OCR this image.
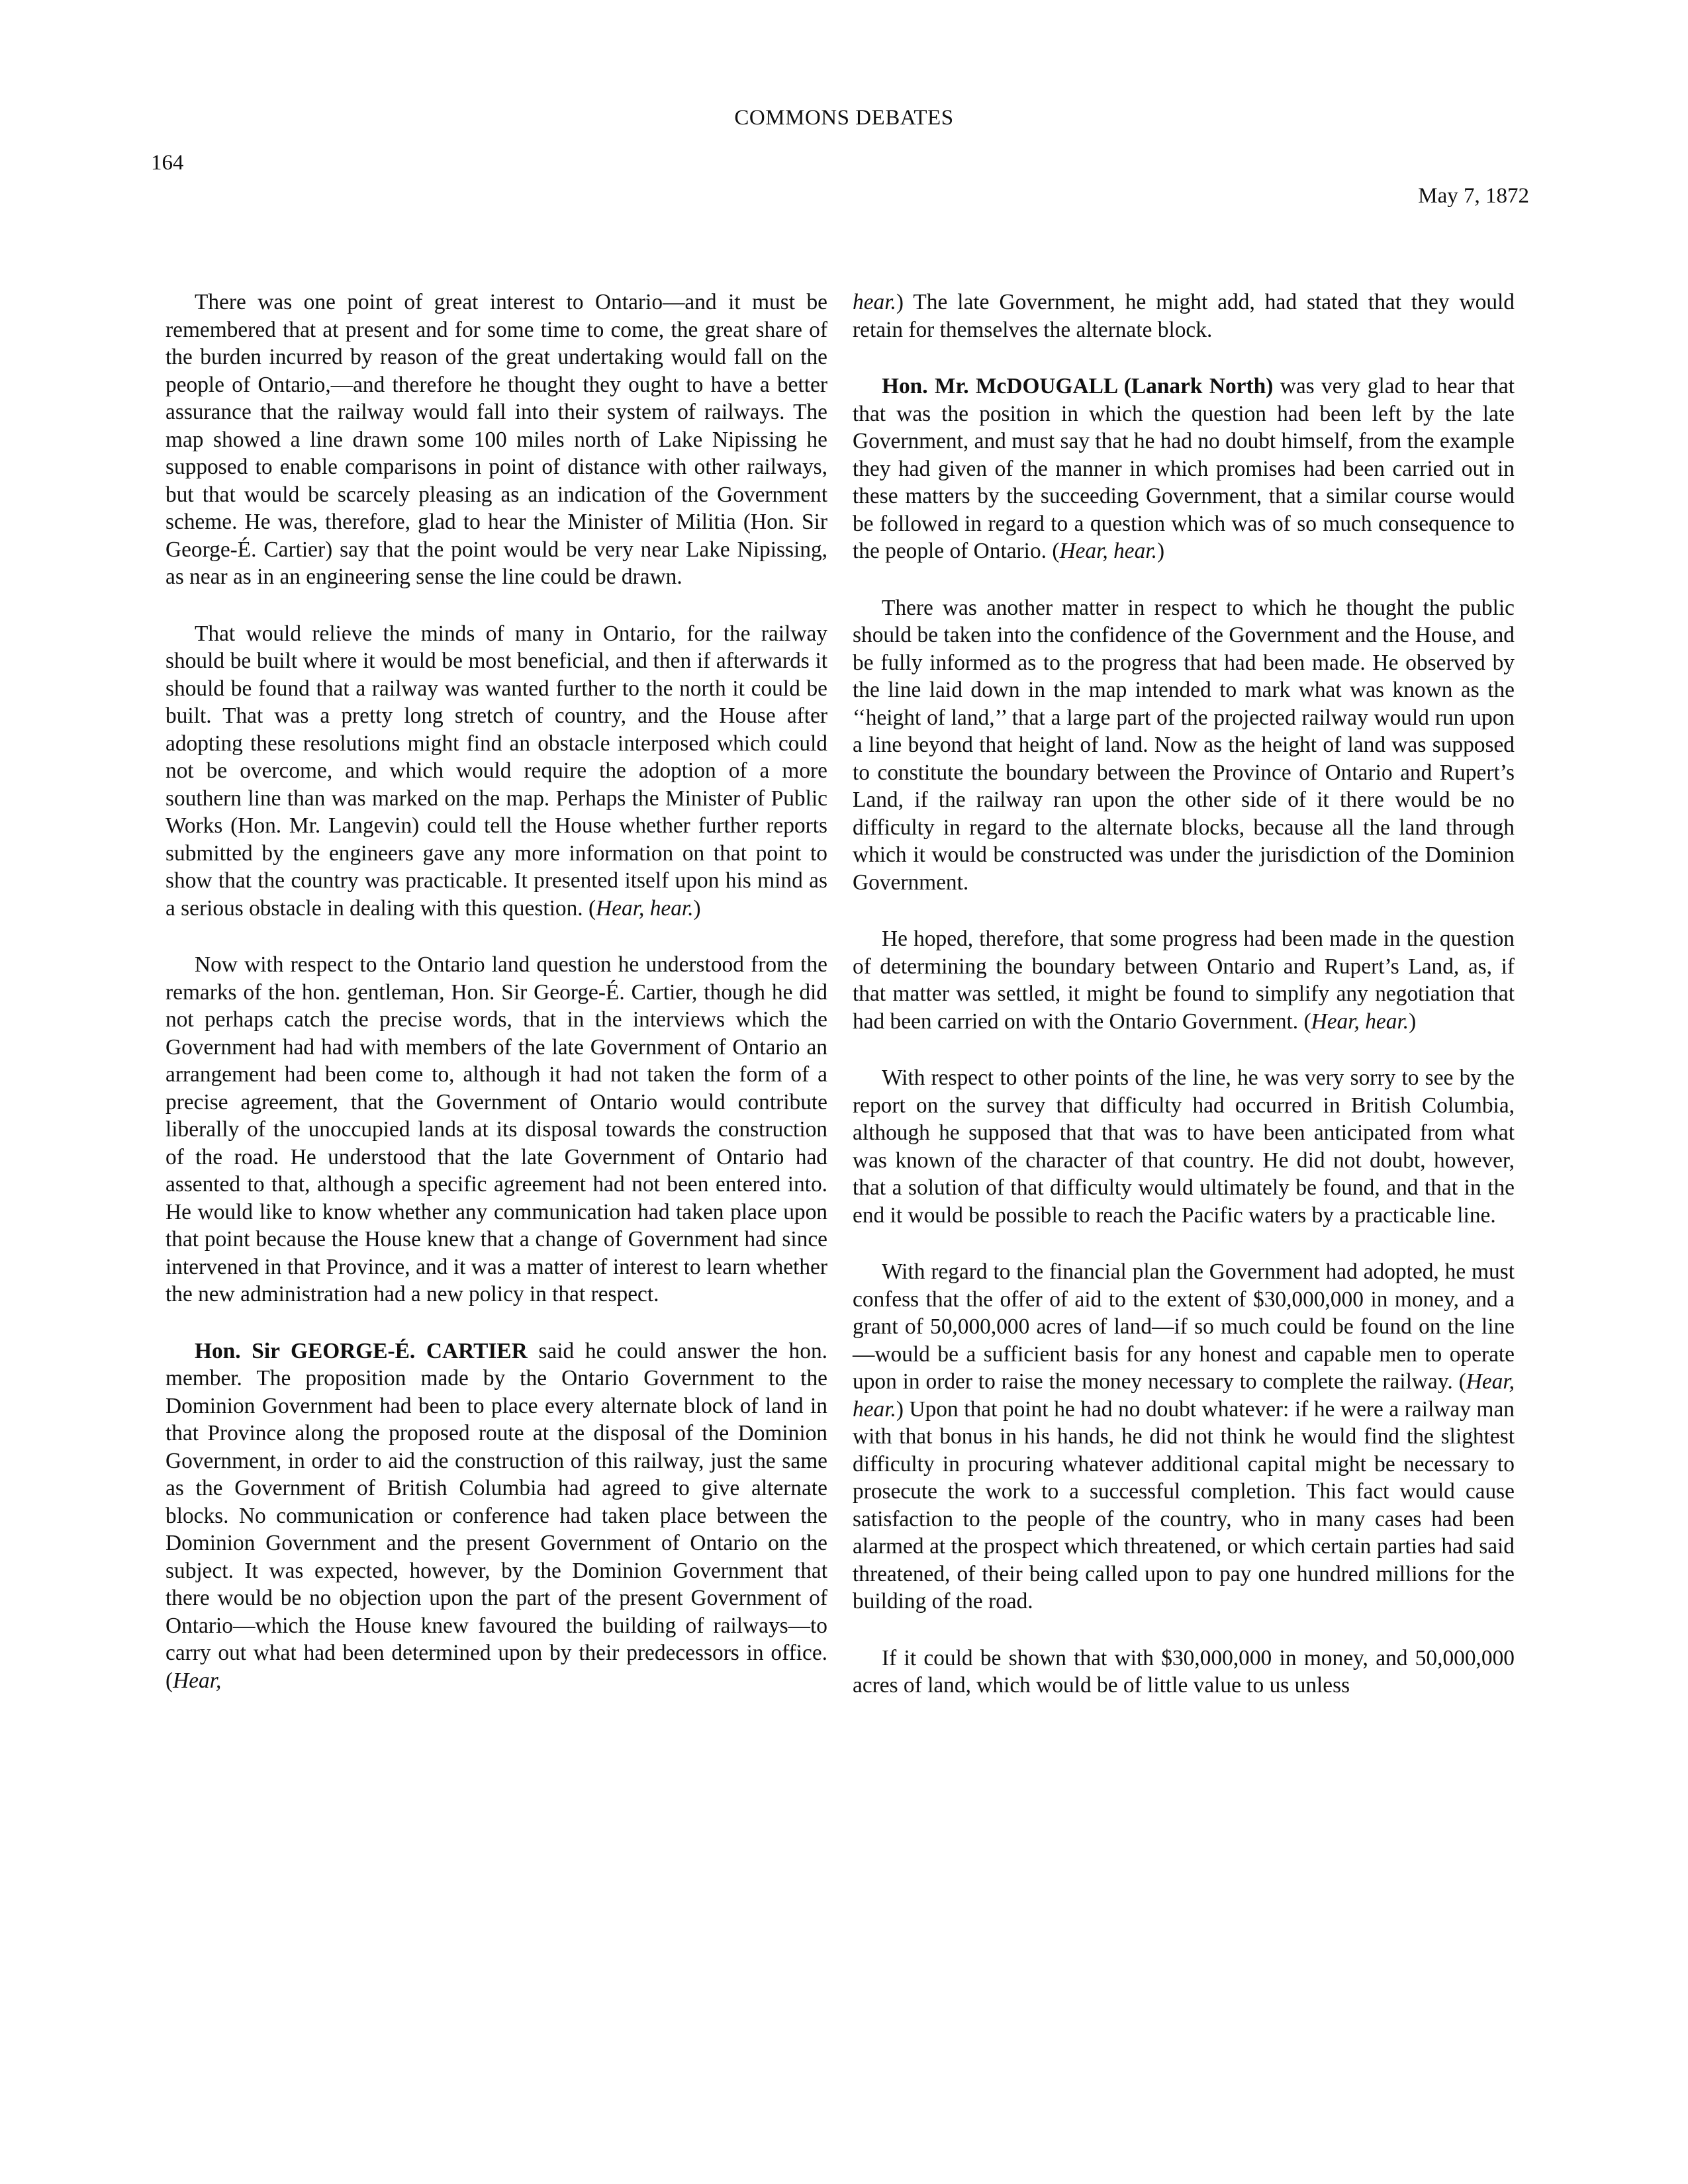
COMMONS DEBATES
164
May 7, 1872

There was one point of great interest to Ontario—and it must be remembered that at present and for some time to come, the great share of the burden incurred by reason of the great undertaking would fall on the people of Ontario,—and therefore he thought they ought to have a better assurance that the railway would fall into their system of railways. The map showed a line drawn some 100 miles north of Lake Nipissing he supposed to enable comparisons in point of distance with other railways, but that would be scarcely pleasing as an indication of the Government scheme. He was, therefore, glad to hear the Minister of Militia (Hon. Sir George-É. Cartier) say that the point would be very near Lake Nipissing, as near as in an engineering sense the line could be drawn.

That would relieve the minds of many in Ontario, for the railway should be built where it would be most beneficial, and then if afterwards it should be found that a railway was wanted further to the north it could be built. That was a pretty long stretch of country, and the House after adopting these resolutions might find an obstacle interposed which could not be overcome, and which would require the adoption of a more southern line than was marked on the map. Perhaps the Minister of Public Works (Hon. Mr. Langevin) could tell the House whether further reports submitted by the engineers gave any more information on that point to show that the country was practicable. It presented itself upon his mind as a serious obstacle in dealing with this question. (Hear, hear.)

Now with respect to the Ontario land question he understood from the remarks of the hon. gentleman, Hon. Sir George-É. Cartier, though he did not perhaps catch the precise words, that in the interviews which the Government had had with members of the late Government of Ontario an arrangement had been come to, although it had not taken the form of a precise agreement, that the Government of Ontario would contribute liberally of the unoccupied lands at its disposal towards the construction of the road. He understood that the late Government of Ontario had assented to that, although a specific agreement had not been entered into. He would like to know whether any communication had taken place upon that point because the House knew that a change of Government had since intervened in that Province, and it was a matter of interest to learn whether the new administration had a new policy in that respect.

Hon. Sir GEORGE-É. CARTIER said he could answer the hon. member. The proposition made by the Ontario Government to the Dominion Government had been to place every alternate block of land in that Province along the proposed route at the disposal of the Dominion Government, in order to aid the construction of this railway, just the same as the Government of British Columbia had agreed to give alternate blocks. No communication or conference had taken place between the Dominion Government and the present Government of Ontario on the subject. It was expected, however, by the Dominion Government that there would be no objection upon the part of the present Government of Ontario—which the House knew favoured the building of railways—to carry out what had been determined upon by their predecessors in office. (Hear,

hear.) The late Government, he might add, had stated that they would retain for themselves the alternate block.

Hon. Mr. McDOUGALL (Lanark North) was very glad to hear that that was the position in which the question had been left by the late Government, and must say that he had no doubt himself, from the example they had given of the manner in which promises had been carried out in these matters by the succeeding Government, that a similar course would be followed in regard to a question which was of so much consequence to the people of Ontario. (Hear, hear.)

There was another matter in respect to which he thought the public should be taken into the confidence of the Government and the House, and be fully informed as to the progress that had been made. He observed by the line laid down in the map intended to mark what was known as the ‘‘height of land,’’ that a large part of the projected railway would run upon a line beyond that height of land. Now as the height of land was supposed to constitute the boundary between the Province of Ontario and Rupert’s Land, if the railway ran upon the other side of it there would be no difficulty in regard to the alternate blocks, because all the land through which it would be constructed was under the jurisdiction of the Dominion Government.

He hoped, therefore, that some progress had been made in the question of determining the boundary between Ontario and Rupert’s Land, as, if that matter was settled, it might be found to simplify any negotiation that had been carried on with the Ontario Government. (Hear, hear.)

With respect to other points of the line, he was very sorry to see by the report on the survey that difficulty had occurred in British Columbia, although he supposed that that was to have been anticipated from what was known of the character of that country. He did not doubt, however, that a solution of that difficulty would ultimately be found, and that in the end it would be possible to reach the Pacific waters by a practicable line.

With regard to the financial plan the Government had adopted, he must confess that the offer of aid to the extent of $30,000,000 in money, and a grant of 50,000,000 acres of land—if so much could be found on the line—would be a sufficient basis for any honest and capable men to operate upon in order to raise the money necessary to complete the railway. (Hear, hear.) Upon that point he had no doubt whatever: if he were a railway man with that bonus in his hands, he did not think he would find the slightest difficulty in procuring whatever additional capital might be necessary to prosecute the work to a successful completion. This fact would cause satisfaction to the people of the country, who in many cases had been alarmed at the prospect which threatened, or which certain parties had said threatened, of their being called upon to pay one hundred millions for the building of the road.

If it could be shown that with $30,000,000 in money, and 50,000,000 acres of land, which would be of little value to us unless
